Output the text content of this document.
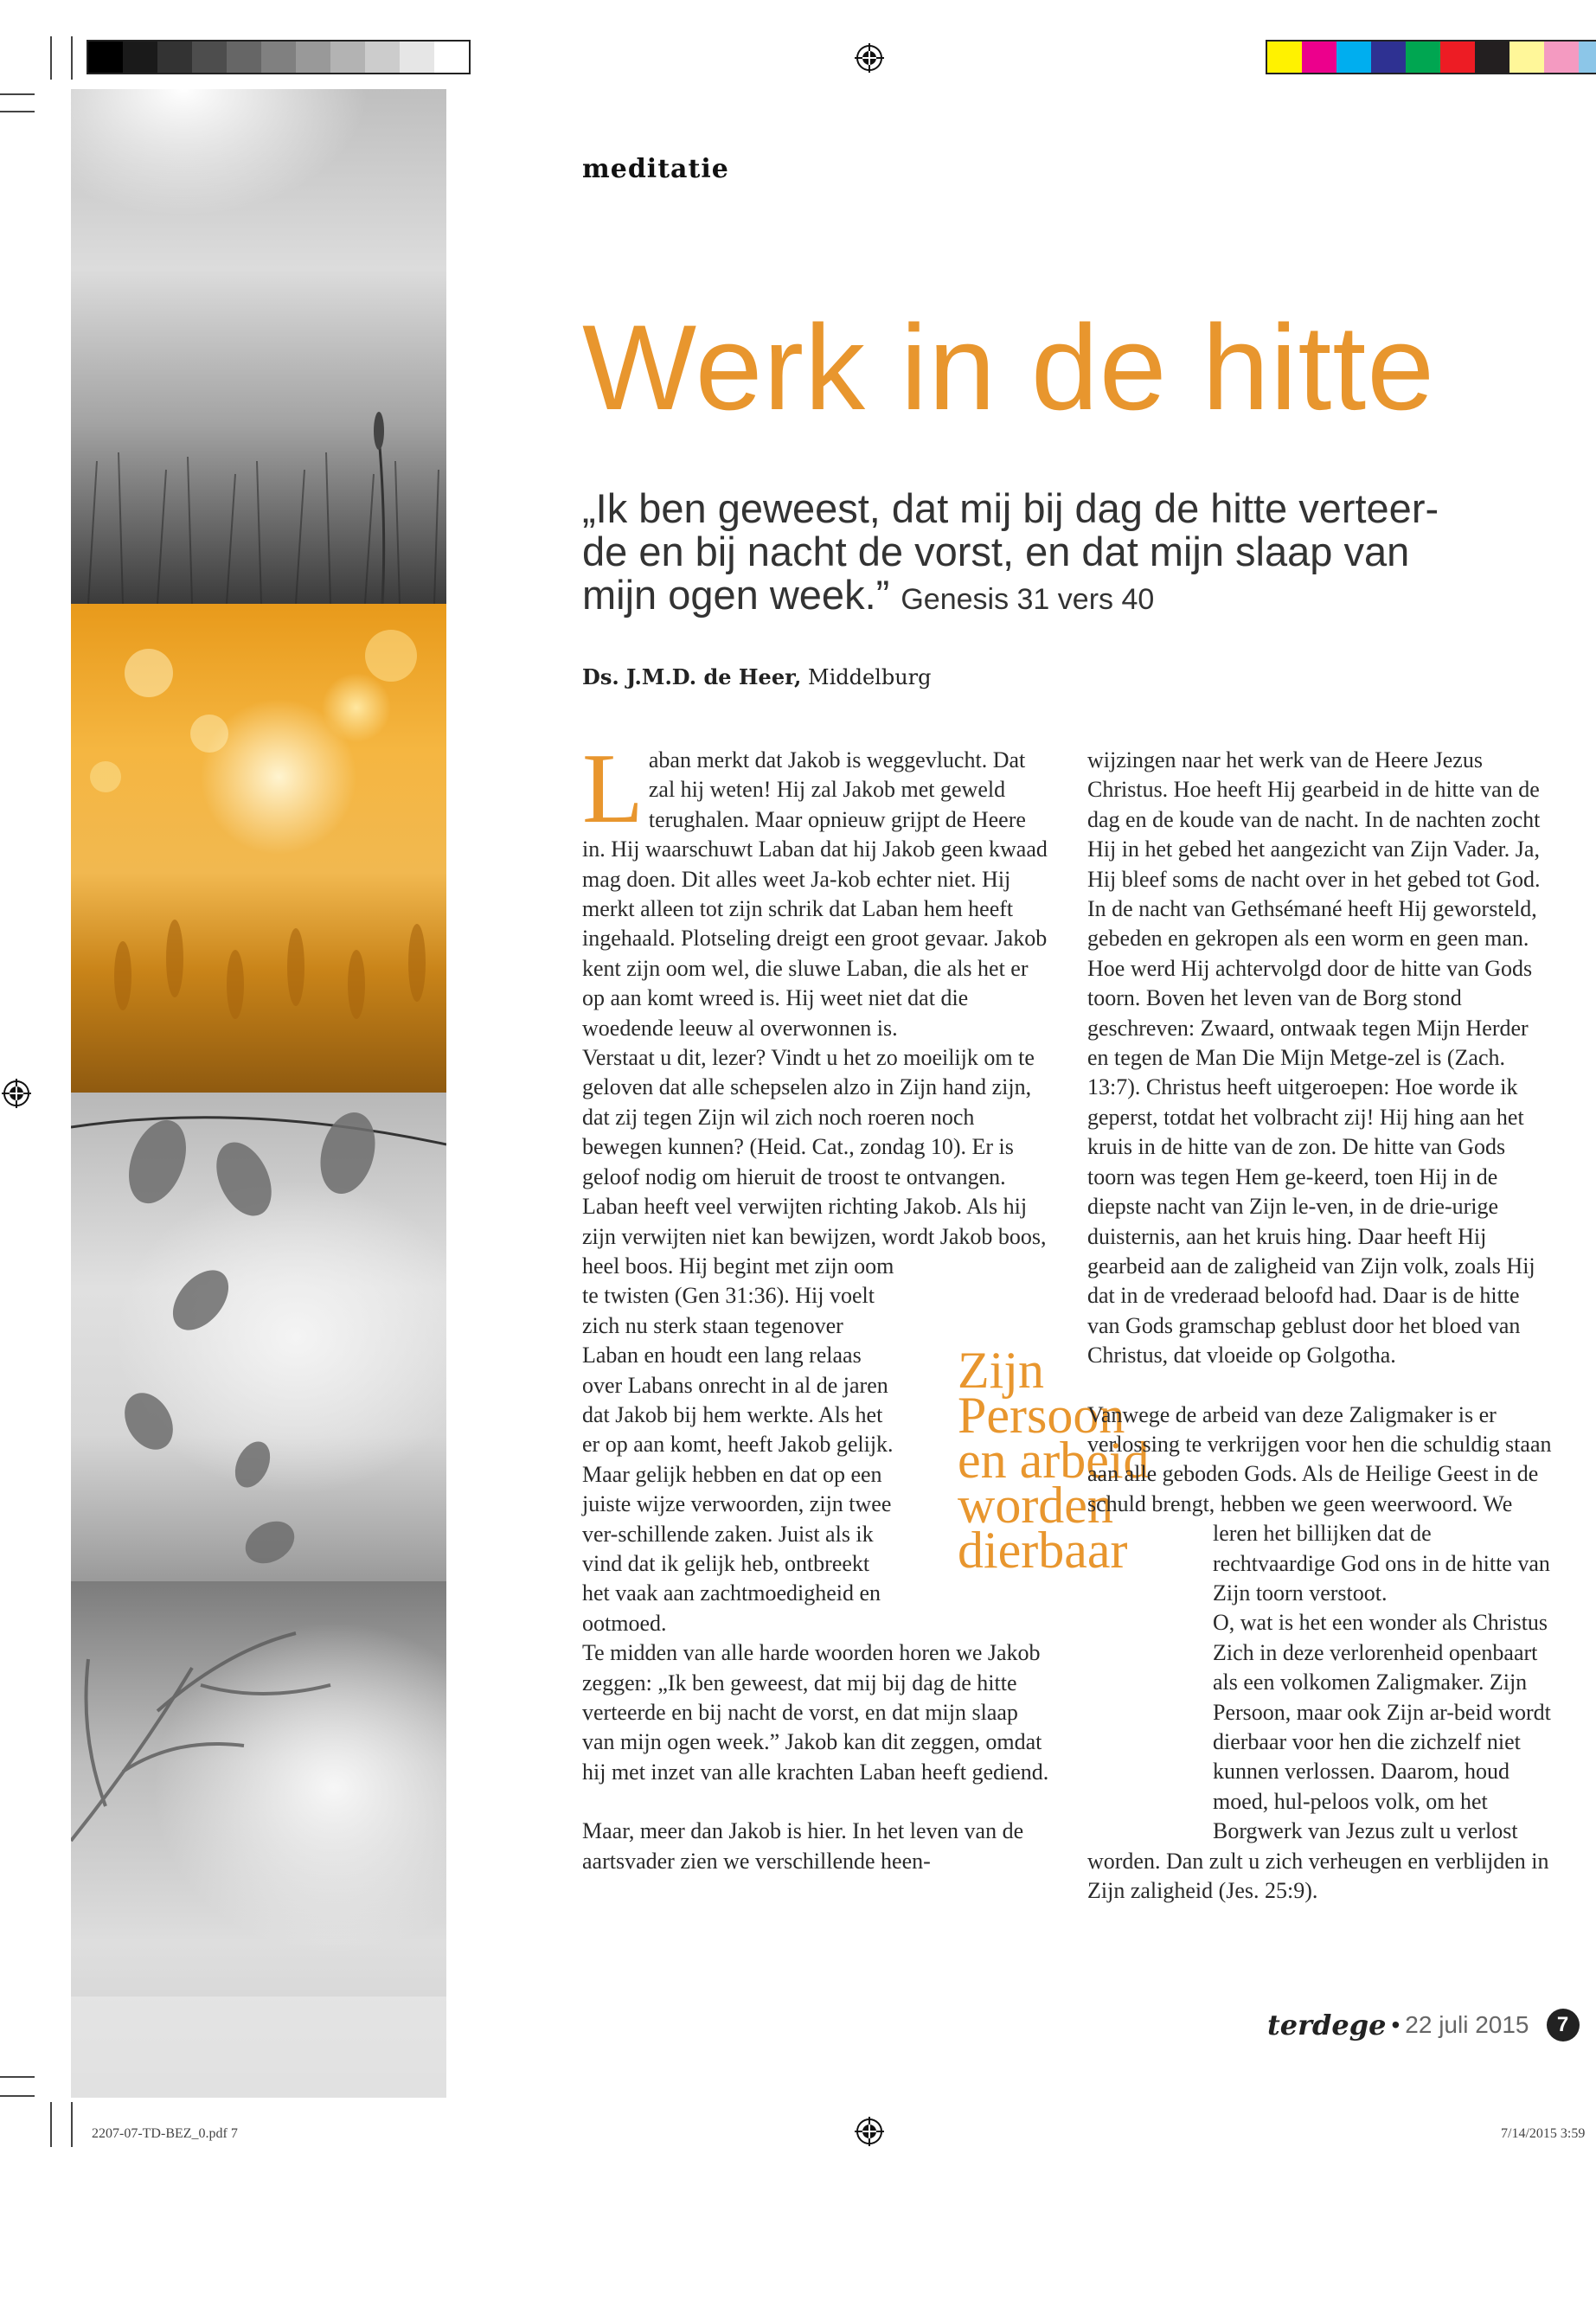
meditatie
Werk in de hitte
„Ik ben geweest, dat mij bij dag de hitte verteer-
de en bij nacht de vorst, en dat mijn slaap van
mijn ogen week.” Genesis 31 vers 40
Ds. J.M.D. de Heer, Middelburg

L aban merkt dat Jakob is weggevlucht. Dat zal hij weten! Hij zal Jakob met geweld terughalen. Maar opnieuw grijpt de Heere in. Hij waarschuwt Laban dat hij Jakob geen kwaad mag doen. Dit alles weet Ja-kob echter niet. Hij merkt alleen tot zijn schrik dat Laban hem heeft ingehaald. Plotseling dreigt een groot gevaar. Jakob kent zijn oom wel, die sluwe Laban, die als het er op aan komt wreed is. Hij weet niet dat die woedende leeuw al overwonnen is.

Verstaat u dit, lezer? Vindt u het zo moeilijk om te geloven dat alle schepselen alzo in Zijn hand zijn, dat zij tegen Zijn wil zich noch roeren noch bewegen kunnen? (Heid. Cat., zondag 10). Er is geloof nodig om hieruit de troost te ontvangen.

Laban heeft veel verwijten richting Jakob. Als hij zijn verwijten niet kan bewijzen, wordt Jakob boos, heel boos. Hij begint met zijn oom te twisten (Gen 31:36). Hij voelt zich nu sterk staan tegenover Laban en houdt een lang relaas over Labans onrecht in al de jaren dat Jakob bij hem werkte. Als het er op aan komt, heeft Jakob gelijk. Maar gelijk hebben en dat op een juiste wijze verwoorden, zijn twee ver-schillende zaken. Juist als ik vind dat ik gelijk heb, ontbreekt het vaak aan zachtmoedigheid en ootmoed.

Te midden van alle harde woorden horen we Jakob zeggen: „Ik ben geweest, dat mij bij dag de hitte verteerde en bij nacht de vorst, en dat mijn slaap van mijn ogen week.” Jakob kan dit zeggen, omdat hij met inzet van alle krachten Laban heeft gediend.

Maar, meer dan Jakob is hier. In het leven van de aartsvader zien we verschillende heen-

Zijn
Persoon
en arbeid
worden
dierbaar

wijzingen naar het werk van de Heere Jezus Christus. Hoe heeft Hij gearbeid in de hitte van de dag en de koude van de nacht. In de nachten zocht Hij in het gebed het aangezicht van Zijn Vader. Ja, Hij bleef soms de nacht over in het gebed tot God. In de nacht van Gethsémané heeft Hij geworsteld, gebeden en gekropen als een worm en geen man.

Hoe werd Hij achtervolgd door de hitte van Gods toorn. Boven het leven van de Borg stond geschreven: Zwaard, ontwaak tegen Mijn Herder en tegen de Man Die Mijn Metge-zel is (Zach. 13:7). Christus heeft uitgeroepen: Hoe worde ik geperst, totdat het volbracht zij! Hij hing aan het kruis in de hitte van de zon. De hitte van Gods toorn was tegen Hem ge-keerd, toen Hij in de diepste nacht van Zijn le-ven, in de drie-urige duisternis, aan het kruis hing. Daar heeft Hij gearbeid aan de zaligheid van Zijn volk, zoals Hij dat in de vrederaad beloofd had. Daar is de hitte van Gods gramschap geblust door het bloed van Christus, dat vloeide op Golgotha.

Vanwege de arbeid van deze Zaligmaker is er verlossing te verkrijgen voor hen die schuldig staan aan alle geboden Gods. Als de Heilige Geest in de schuld brengt, hebben we geen weerwoord. We leren het billijken dat de rechtvaardige God ons in de hitte van Zijn toorn verstoot.

O, wat is het een wonder als Christus Zich in deze verlorenheid openbaart als een volkomen Zaligmaker. Zijn Persoon, maar ook Zijn ar-beid wordt dierbaar voor hen die zichzelf niet kunnen verlossen. Daarom, houd moed, hul-peloos volk, om het Borgwerk van Jezus zult u verlost worden. Dan zult u zich verheugen en verblijden in Zijn zaligheid (Jes. 25:9).

terdege • 22 juli 2015	7
2207-07-TD-BEZ_0.pdf 7	7/14/2015 3:59
